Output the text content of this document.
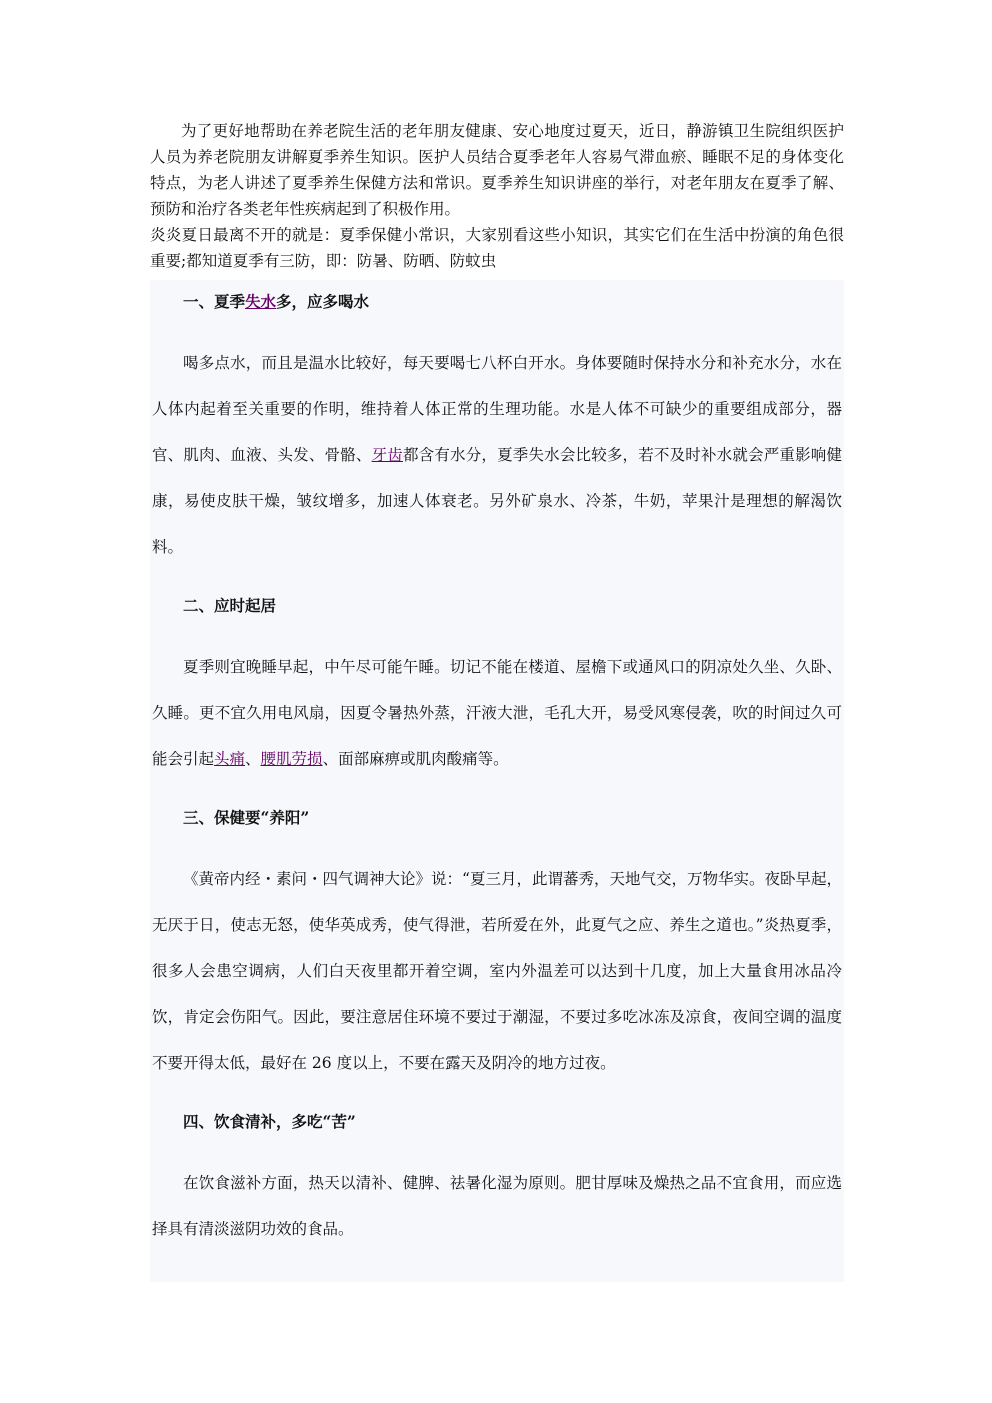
为了更好地帮助在养老院生活的老年朋友健康、安心地度过夏天，近日，静游镇卫生院组织医护人员为养老院朋友讲解夏季养生知识。医护人员结合夏季老年人容易气滞血瘀、睡眠不足的身体变化特点，为老人讲述了夏季养生保健方法和常识。夏季养生知识讲座的举行，对老年朋友在夏季了解、预防和治疗各类老年性疾病起到了积极作用。

炎炎夏日最离不开的就是：夏季保健小常识，大家别看这些小知识，其实它们在生活中扮演的角色很重要;都知道夏季有三防，即：防暑、防晒、防蚊虫

一、夏季失水多，应多喝水

喝多点水，而且是温水比较好，每天要喝七八杯白开水。身体要随时保持水分和补充水分，水在人体内起着至关重要的作明，维持着人体正常的生理功能。水是人体不可缺少的重要组成部分，器官、肌肉、血液、头发、骨骼、牙齿都含有水分，夏季失水会比较多，若不及时补水就会严重影响健康，易使皮肤干燥，皱纹增多，加速人体衰老。另外矿泉水、冷茶，牛奶，苹果汁是理想的解渴饮料。

二、应时起居

夏季则宜晚睡早起，中午尽可能午睡。切记不能在楼道、屋檐下或通风口的阴凉处久坐、久卧、久睡。更不宜久用电风扇，因夏令暑热外蒸，汗液大泄，毛孔大开，易受风寒侵袭，吹的时间过久可能会引起头痛、腰肌劳损、面部麻痹或肌肉酸痛等。

三、保健要“养阳”

《黄帝内经・素问・四气调神大论》说：“夏三月，此谓蕃秀，天地气交，万物华实。夜卧早起，无厌于日，使志无怒，使华英成秀，使气得泄，若所爱在外，此夏气之应、养生之道也。”炎热夏季，很多人会患空调病，人们白天夜里都开着空调，室内外温差可以达到十几度，加上大量食用冰品冷饮，肯定会伤阳气。因此，要注意居住环境不要过于潮湿，不要过多吃冰冻及凉食，夜间空调的温度不要开得太低，最好在 26 度以上，不要在露天及阴冷的地方过夜。

四、饮食清补，多吃“苦”

在饮食滋补方面，热天以清补、健脾、祛暑化湿为原则。肥甘厚味及燥热之品不宜食用，而应选择具有清淡滋阴功效的食品。
